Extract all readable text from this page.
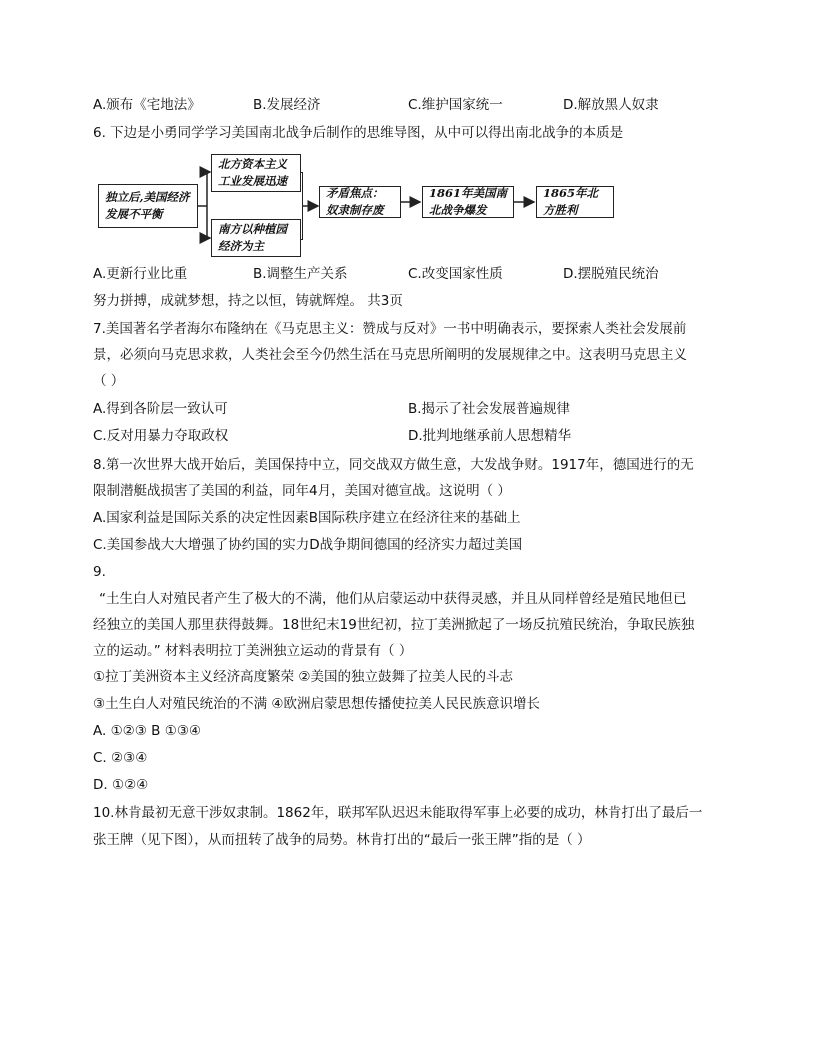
A.颁布《宅地法》	B.发展经济	C.维护国家统一	D.解放黑人奴隶
6. 下边是小勇同学学习美国南北战争后制作的思维导图，从中可以得出南北战争的本质是
独立后,美国经济发展不平衡
北方资本主义工业发展迅速
南方以种植园经济为主
矛盾焦点：奴隶制存废
1861年美国南北战争爆发
1865年北方胜利
A.更新行业比重	B.调整生产关系	C.改变国家性质	D.摆脱殖民统治
努力拼搏，成就梦想，持之以恒，铸就辉煌。 共3页
7.美国著名学者海尔布隆纳在《马克思主义：赞成与反对》一书中明确表示，要探索人类社会发展前
景，必须向马克思求救，人类社会至今仍然生活在马克思所阐明的发展规律之中。这表明马克思主义
（ ）
A.得到各阶层一致认可	B.揭示了社会发展普遍规律
C.反对用暴力夺取政权	D.批判地继承前人思想精华
8.第一次世界大战开始后，美国保持中立，同交战双方做生意，大发战争财。1917年，德国进行的无
限制潜艇战损害了美国的利益，同年4月，美国对德宣战。这说明（ ）
A.国家利益是国际关系的决定性因素B国际秩序建立在经济往来的基础上
C.美国参战大大增强了协约国的实力D战争期间德国的经济实力超过美国
9.
“土生白人对殖民者产生了极大的不满，他们从启蒙运动中获得灵感，并且从同样曾经是殖民地但已
经独立的美国人那里获得鼓舞。18世纪末19世纪初，拉丁美洲掀起了一场反抗殖民统治，争取民族独
立的运动。” 材料表明拉丁美洲独立运动的背景有（ ）
①拉丁美洲资本主义经济高度繁荣 ②美国的独立鼓舞了拉美人民的斗志
③土生白人对殖民统治的不满 ④欧洲启蒙思想传播使拉美人民民族意识增长
A. ①②③ B ①③④
C. ②③④
D. ①②④
10.林肯最初无意干涉奴隶制。1862年，联邦军队迟迟未能取得军事上必要的成功，林肯打出了最后一
张王牌（见下图），从而扭转了战争的局势。林肯打出的“最后一张王牌”指的是（ ）
